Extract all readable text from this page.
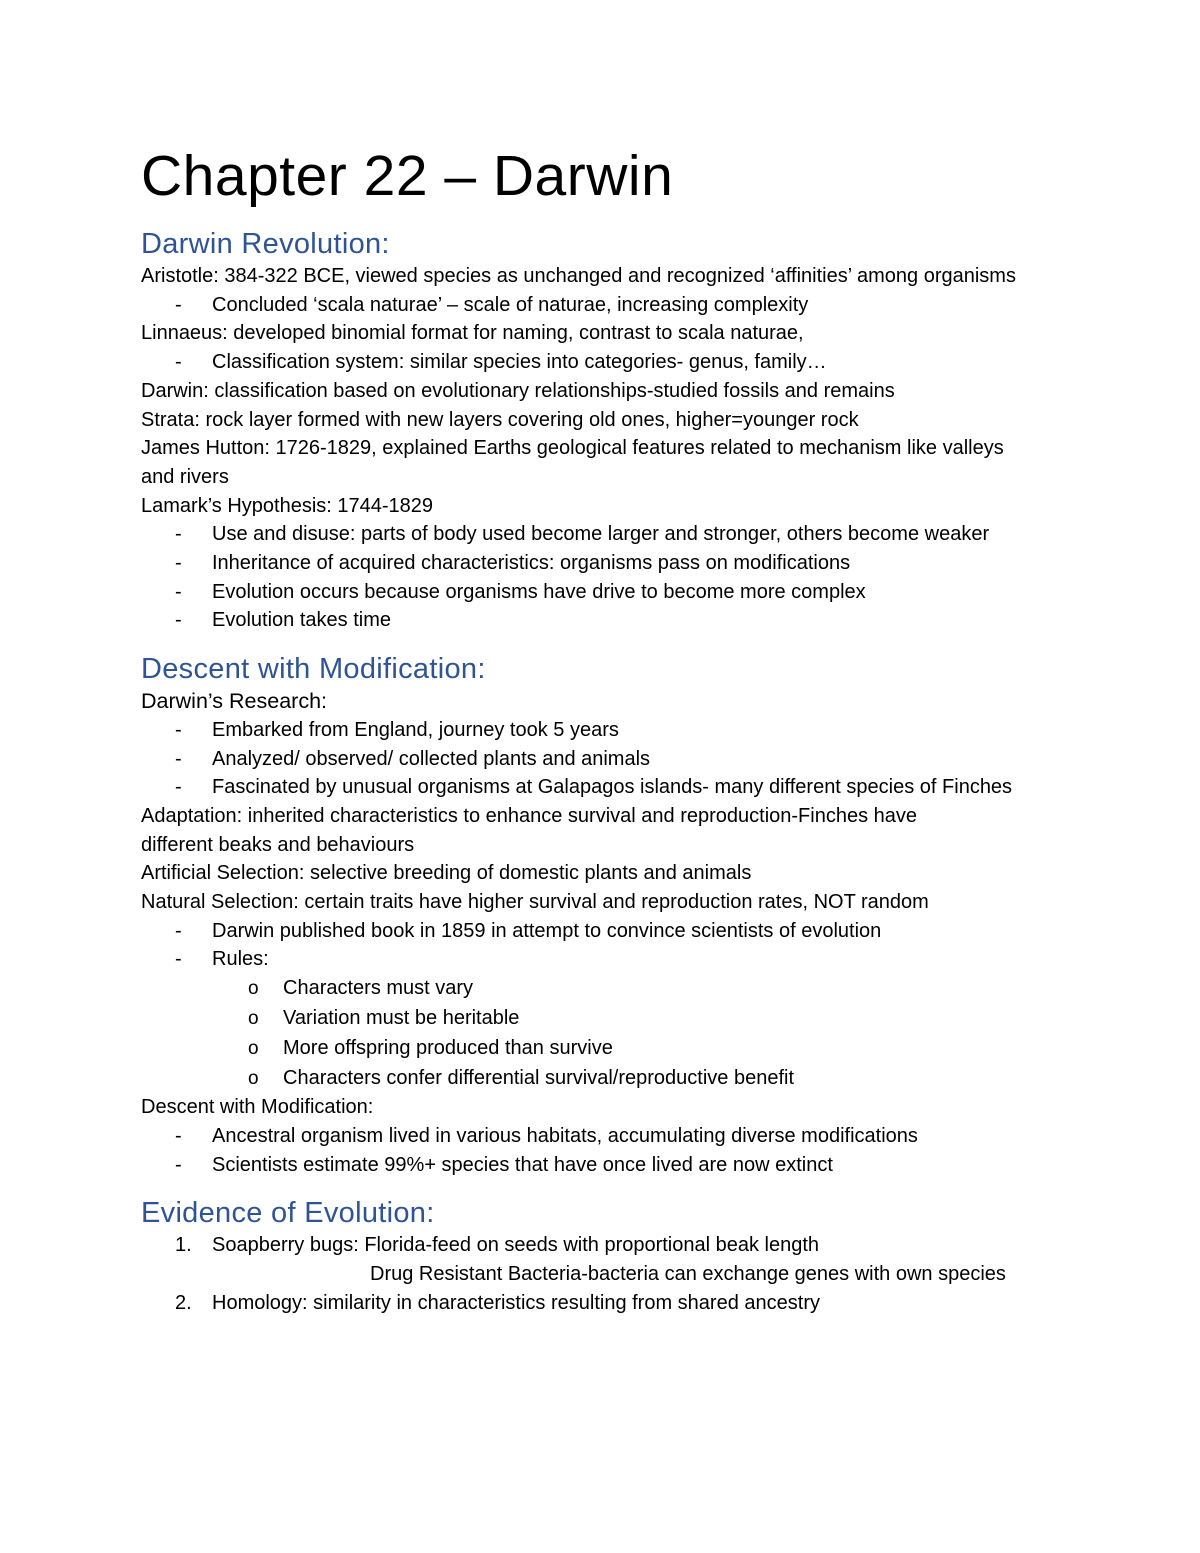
Chapter 22 – Darwin
Darwin Revolution:

Aristotle: 384-322 BCE, viewed species as unchanged and recognized ‘affinities’ among organisms

- Concluded ‘scala naturae’ – scale of naturae, increasing complexity

Linnaeus: developed binomial format for naming, contrast to scala naturae,

- Classification system: similar species into categories- genus, family…

Darwin: classification based on evolutionary relationships-studied fossils and remains

Strata: rock layer formed with new layers covering old ones, higher=younger rock

James Hutton: 1726-1829, explained Earths geological features related to mechanism like valleys and rivers

Lamark’s Hypothesis: 1744-1829

- Use and disuse: parts of body used become larger and stronger, others become weaker

- Inheritance of acquired characteristics: organisms pass on modifications

- Evolution occurs because organisms have drive to become more complex

- Evolution takes time

Descent with Modification:

Darwin’s Research:

- Embarked from England, journey took 5 years

- Analyzed/ observed/ collected plants and animals

- Fascinated by unusual organisms at Galapagos islands- many different species of Finches

Adaptation: inherited characteristics to enhance survival and reproduction-Finches have different beaks and behaviours

Artificial Selection: selective breeding of domestic plants and animals

Natural Selection: certain traits have higher survival and reproduction rates, NOT random

- Darwin published book in 1859 in attempt to convince scientists of evolution

- Rules:

o Characters must vary

o Variation must be heritable

o More offspring produced than survive

o Characters confer differential survival/reproductive benefit

Descent with Modification:

- Ancestral organism lived in various habitats, accumulating diverse modifications

- Scientists estimate 99%+ species that have once lived are now extinct

Evidence of Evolution:

1. Soapberry bugs: Florida-feed on seeds with proportional beak length

Drug Resistant Bacteria-bacteria can exchange genes with own species

2. Homology: similarity in characteristics resulting from shared ancestry
